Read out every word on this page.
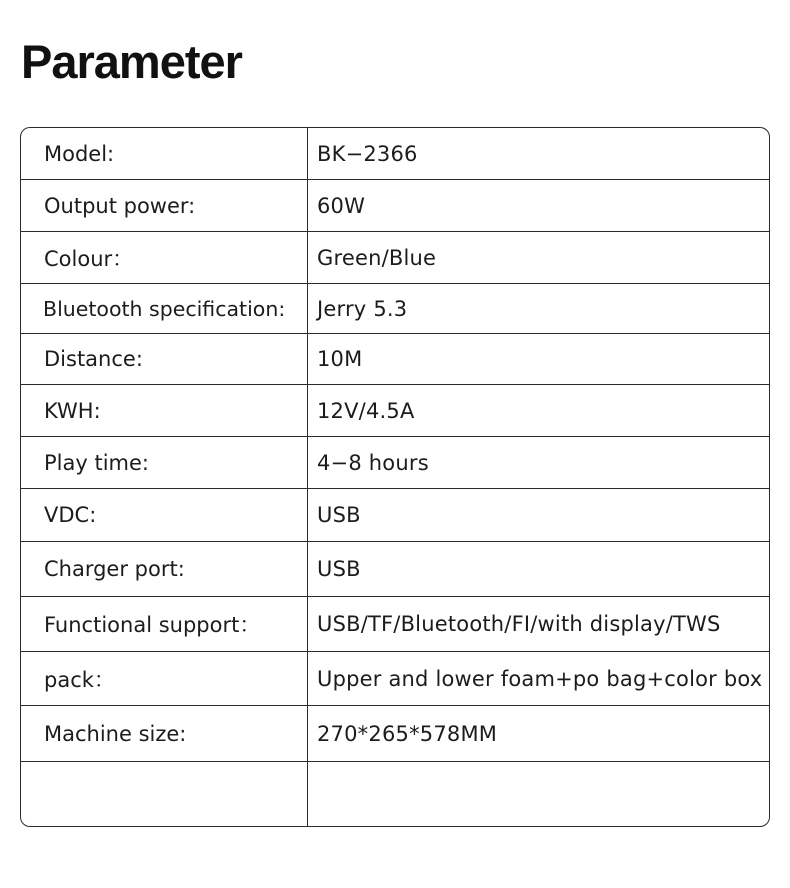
Parameter
Model:	BK−2366
Output power:	60W
Colour：	Green/Blue
Bluetooth specification:	Jerry 5.3
Distance:	10M
KWH:	12V/4.5A
Play time:	4−8 hours
VDC:	USB
Charger port:	USB
Functional support：	USB/TF/Bluetooth/FI/with display/TWS
pack：	Upper and lower foam+po bag+color box
Machine size:	270*265*578MM
